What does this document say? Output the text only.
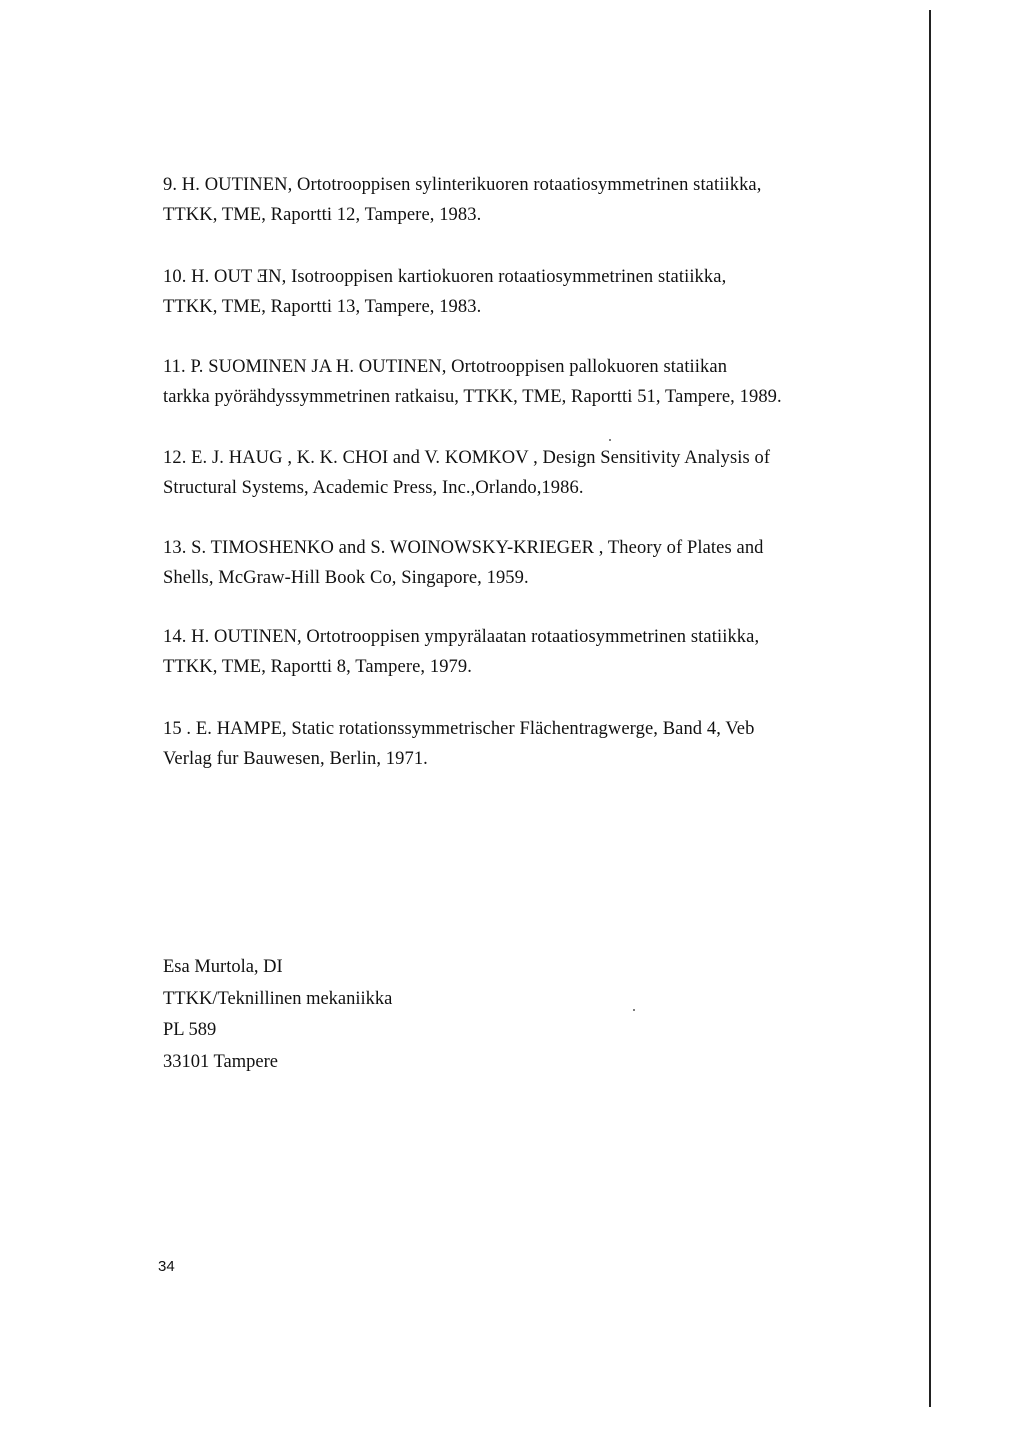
9. H. OUTINEN, Ortotrooppisen sylinterikuoren rotaatiosymmetrinen statiikka,
TTKK, TME, Raportti 12, Tampere, 1983.
10. H. OUT ƎN, Isotrooppisen kartiokuoren rotaatiosymmetrinen statiikka,
TTKK, TME, Raportti 13, Tampere, 1983.
11. P. SUOMINEN JA H. OUTINEN, Ortotrooppisen pallokuoren statiikan
tarkka pyörähdyssymmetrinen ratkaisu, TTKK, TME, Raportti 51, Tampere, 1989.
12. E. J. HAUG , K. K. CHOI and V. KOMKOV , Design Sensitivity Analysis of
Structural Systems, Academic Press, Inc.,Orlando,1986.
13. S. TIMOSHENKO and S. WOINOWSKY-KRIEGER , Theory of Plates and
Shells, McGraw-Hill Book Co, Singapore, 1959.
14. H. OUTINEN, Ortotrooppisen ympyrälaatan rotaatiosymmetrinen statiikka,
TTKK, TME, Raportti 8, Tampere, 1979.
15 . E. HAMPE, Static rotationssymmetrischer Flächentragwerge, Band 4, Veb
Verlag fur Bauwesen, Berlin, 1971.
Esa Murtola, DI
TTKK/Teknillinen mekaniikka
PL 589
33101 Tampere
34
